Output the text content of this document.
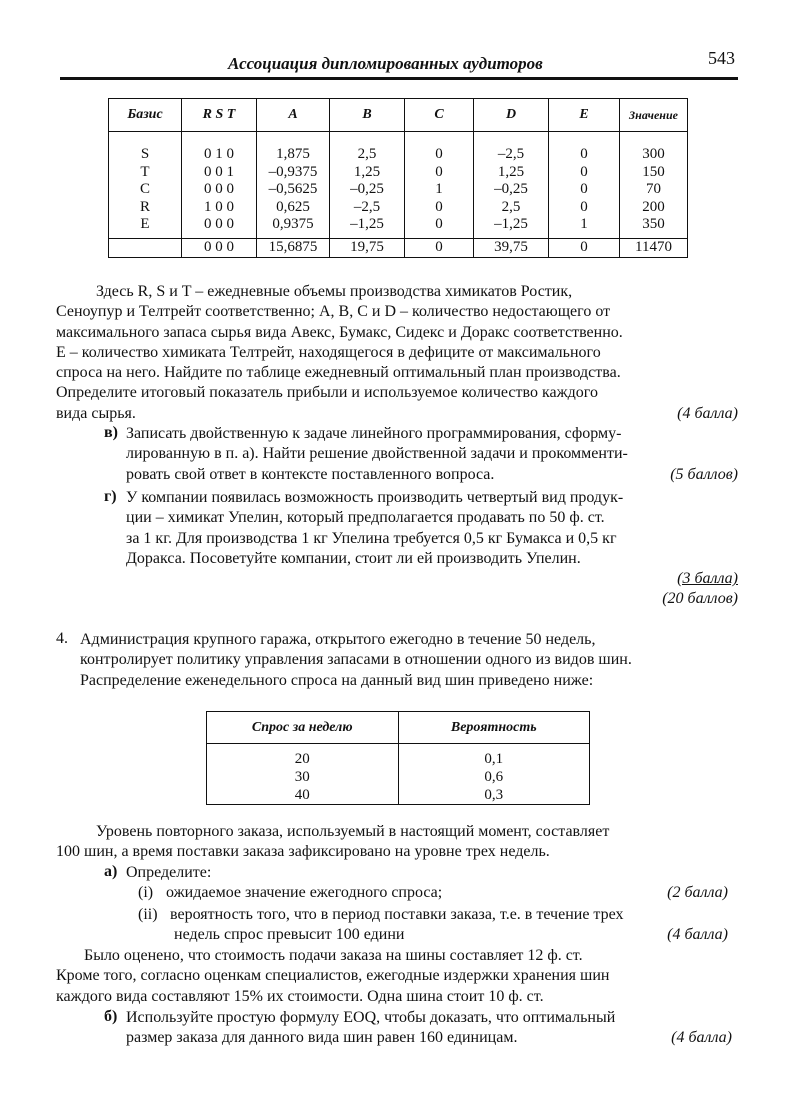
Ассоциация дипломированных аудиторов	543
Базис	R S T	A	B	C	D	E	Значение

S	0 1 0	1,875	2,5	0	–2,5	0	300
T	0 0 1	–0,9375	1,25	0	1,25	0	150
C	0 0 0	–0,5625	–0,25	1	–0,25	0	70
R	1 0 0	0,625	–2,5	0	2,5	0	200
E	0 0 0	0,9375	–1,25	0	–1,25	1	350
	0 0 0	15,6875	19,75	0	39,75	0	11470
Здесь R, S и T – ежедневные объемы производства химикатов Ростик,
Сеноупур и Телтрейт соответственно; A, B, C и D – количество недостающего от
максимального запаса сырья вида Авекс, Бумакс, Сидекс и Доракс соответственно.
E – количество химиката Телтрейт, находящегося в дефиците от максимального
спроса на него. Найдите по таблице ежедневный оптимальный план производства.
Определите итоговый показатель прибыли и используемое количество каждого
(4 балла)
вида сырья.
в) Записать двойственную к задаче линейного программирования, сформу-
лированную в п. а). Найти решение двойственной задачи и прокомменти-
(5 баллов)
ровать свой ответ в контексте поставленного вопроса.
г) У компании появилась возможность производить четвертый вид продук-
ции – химикат Упелин, который предполагается продавать по 50 ф. ст.
за 1 кг. Для производства 1 кг Упелина требуется 0,5 кг Бумакса и 0,5 кг
Доракса. Посоветуйте компании, стоит ли ей производить Упелин.
(3 балла)
(20 баллов)
4. Администрация крупного гаража, открытого ежегодно в течение 50 недель,
контролирует политику управления запасами в отношении одного из видов шин.
Распределение еженедельного спроса на данный вид шин приведено ниже:
Спрос за неделю	Вероятность

20	0,1
30	0,6
40	0,3
Уровень повторного заказа, используемый в настоящий момент, составляет
100 шин, а время поставки заказа зафиксировано на уровне трех недель.
а) Определите:
(i)	(2 балла)
ожидаемое значение ежегодного спроса;
(ii) вероятность того, что в период поставки заказа, т.е. в течение трех
(4 балла)
недель спрос превысит 100 едини
Было оценено, что стоимость подачи заказа на шины составляет 12 ф. ст.
Кроме того, согласно оценкам специалистов, ежегодные издержки хранения шин
каждого вида составляют 15% их стоимости. Одна шина стоит 10 ф. ст.
б) Используйте простую формулу EOQ, чтобы доказать, что оптимальный
(4 балла)
размер заказа для данного вида шин равен 160 единицам.
